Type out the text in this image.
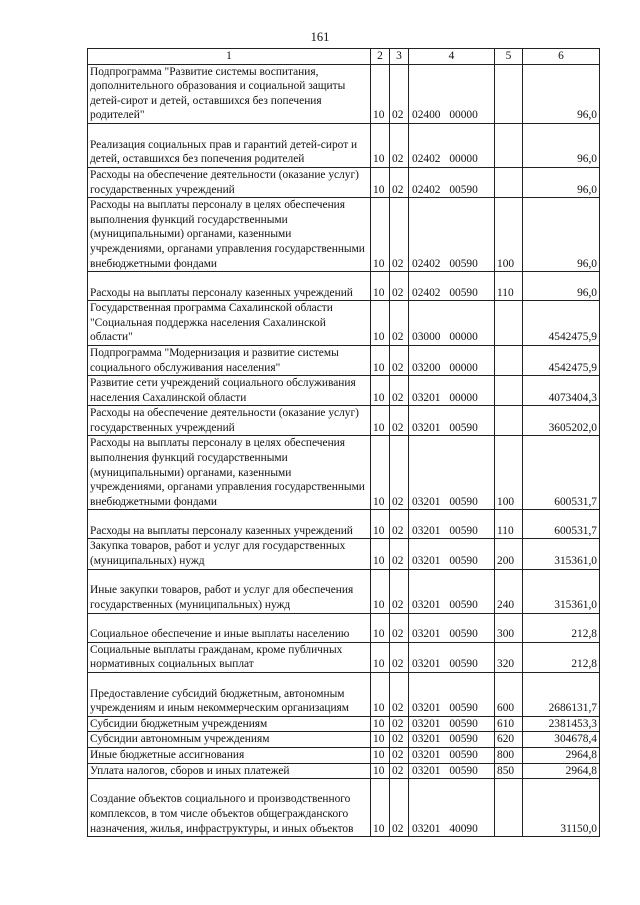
161
1	2	3	4	5	6
Подпрограмма "Развитие системы воспитания, дополнительного образования и социальной защиты детей-сирот и детей, оставшихся без попечения родителей"	10	02	02400 00000		96,0
Реализация социальных прав и гарантий детей-сирот и детей, оставшихся без попечения родителей	10	02	02402 00000		96,0
Расходы на обеспечение деятельности (оказание услуг) государственных учреждений	10	02	02402 00590		96,0
Расходы на выплаты персоналу в целях обеспечения выполнения функций государственными (муниципальными) органами, казенными учреждениями, органами управления государственными внебюджетными фондами	10	02	02402 00590	100	96,0
Расходы на выплаты персоналу казенных учреждений	10	02	02402 00590	110	96,0
Государственная программа Сахалинской области "Социальная поддержка населения Сахалинской области"	10	02	03000 00000		4542475,9
Подпрограмма "Модернизация и развитие системы социального обслуживания населения"	10	02	03200 00000		4542475,9
Развитие сети учреждений социального обслуживания населения Сахалинской области	10	02	03201 00000		4073404,3
Расходы на обеспечение деятельности (оказание услуг) государственных учреждений	10	02	03201 00590		3605202,0
Расходы на выплаты персоналу в целях обеспечения выполнения функций государственными (муниципальными) органами, казенными учреждениями, органами управления государственными внебюджетными фондами	10	02	03201 00590	100	600531,7
Расходы на выплаты персоналу казенных учреждений	10	02	03201 00590	110	600531,7
Закупка товаров, работ и услуг для государственных (муниципальных) нужд	10	02	03201 00590	200	315361,0
Иные закупки товаров, работ и услуг для обеспечения государственных (муниципальных) нужд	10	02	03201 00590	240	315361,0
Социальное обеспечение и иные выплаты населению	10	02	03201 00590	300	212,8
Социальные выплаты гражданам, кроме публичных нормативных социальных выплат	10	02	03201 00590	320	212,8
Предоставление субсидий бюджетным, автономным учреждениям и иным некоммерческим организациям	10	02	03201 00590	600	2686131,7
Субсидии бюджетным учреждениям	10	02	03201 00590	610	2381453,3
Субсидии автономным учреждениям	10	02	03201 00590	620	304678,4
Иные бюджетные ассигнования	10	02	03201 00590	800	2964,8
Уплата налогов, сборов и иных платежей	10	02	03201 00590	850	2964,8
Создание объектов социального и производственного комплексов, в том числе объектов общегражданского назначения, жилья, инфраструктуры, и иных объектов	10	02	03201 40090		31150,0
